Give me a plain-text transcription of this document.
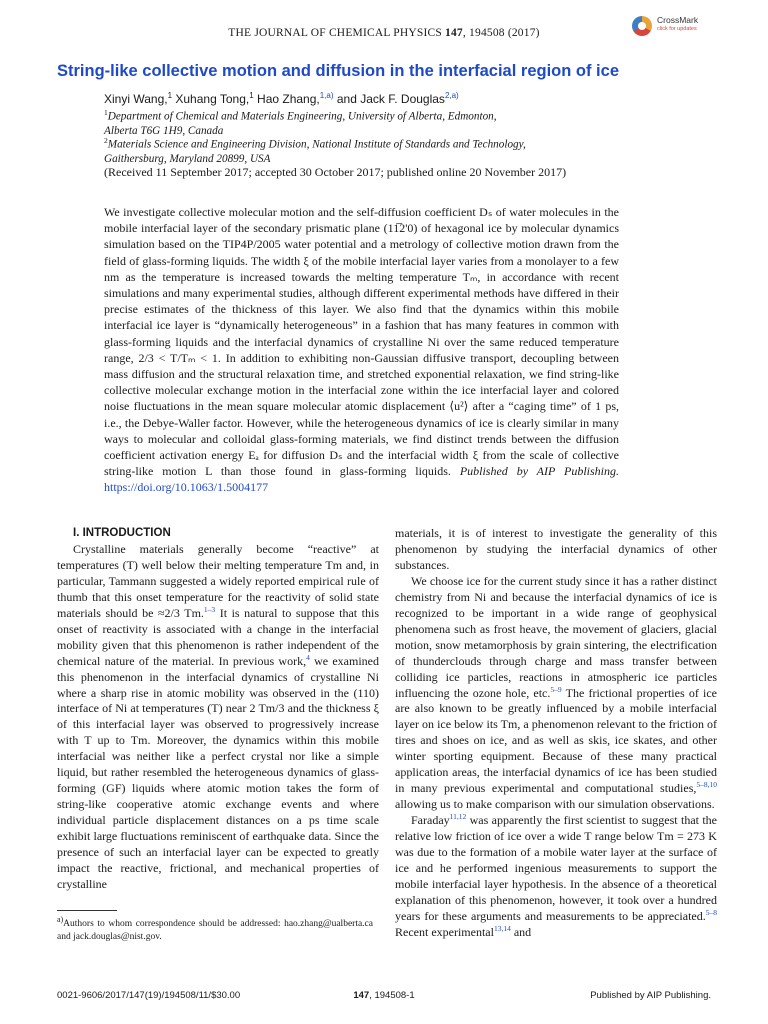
THE JOURNAL OF CHEMICAL PHYSICS 147, 194508 (2017)
CrossMark
click for updates
String-like collective motion and diffusion in the interfacial region of ice
Xinyi Wang,$^1$ Xuhang Tong,$^1$ Hao Zhang,$^{1,a)}$ and Jack F. Douglas$^{2,a)}$
$^1$Department of Chemical and Materials Engineering, University of Alberta, Edmonton,
Alberta T6G 1H9, Canada
$^2$Materials Science and Engineering Division, National Institute of Standards and Technology,
Gaithersburg, Maryland 20899, USA
(Received 11 September 2017; accepted 30 October 2017; published online 20 November 2017)
We investigate collective molecular motion and the self-diffusion coefficient Dₛ of water molecules in the mobile interfacial layer of the secondary prismatic plane (11̅2'0) of hexagonal ice by molecular dynamics simulation based on the TIP4P/2005 water potential and a metrology of collective motion drawn from the field of glass-forming liquids. The width ξ of the mobile interfacial layer varies from a monolayer to a few nm as the temperature is increased towards the melting temperature Tₘ, in accordance with recent simulations and many experimental studies, although different experimental methods have differed in their precise estimates of the thickness of this layer. We also find that the dynamics within this mobile interfacial ice layer is “dynamically heterogeneous” in a fashion that has many features in common with glass-forming liquids and the interfacial dynamics of crystalline Ni over the same reduced temperature range, 2/3 < T/Tₘ < 1. In addition to exhibiting non-Gaussian diffusive transport, decoupling between mass diffusion and the structural relaxation time, and stretched exponential relaxation, we find string-like collective molecular exchange motion in the interfacial zone within the ice interfacial layer and colored noise fluctuations in the mean square molecular atomic displacement ⟨u²⟩ after a “caging time” of 1 ps, i.e., the Debye-Waller factor. However, while the heterogeneous dynamics of ice is clearly similar in many ways to molecular and colloidal glass-forming materials, we find distinct trends between the diffusion coefficient activation energy Eₐ for diffusion Dₛ and the interfacial width ξ from the scale of collective string-like motion L than those found in glass-forming liquids. Published by AIP Publishing. https://doi.org/10.1063/1.5004177

I. INTRODUCTION

Crystalline materials generally become “reactive” at temperatures (T) well below their melting temperature Tm and, in particular, Tammann suggested a widely reported empirical rule of thumb that this onset temperature for the reactivity of solid state materials should be ≈2/3 Tm.$^{1-3}$ It is natural to suppose that this onset of reactivity is associated with a change in the interfacial mobility given that this phenomenon is rather independent of the chemical nature of the material. In previous work,$^4$ we examined this phenomenon in the interfacial dynamics of crystalline Ni where a sharp rise in atomic mobility was observed in the (110) interface of Ni at temperatures (T) near 2 Tm/3 and the thickness ξ of this interfacial layer was observed to progressively increase with T up to Tm. Moreover, the dynamics within this mobile interfacial was neither like a perfect crystal nor like a simple liquid, but rather resembled the heterogeneous dynamics of glass-forming (GF) liquids where atomic motion takes the form of string-like cooperative atomic exchange events and where individual particle displacement distances on a ps time scale exhibit large fluctuations reminiscent of earthquake data. Since the presence of such an interfacial layer can be expected to greatly impact the reactive, frictional, and mechanical properties of crystalline

materials, it is of interest to investigate the generality of this phenomenon by studying the interfacial dynamics of other substances.

We choose ice for the current study since it has a rather distinct chemistry from Ni and because the interfacial dynamics of ice is recognized to be important in a wide range of geophysical phenomena such as frost heave, the movement of glaciers, glacial motion, snow metamorphosis by grain sintering, the electrification of thunderclouds through charge and mass transfer between colliding ice particles, reactions in atmospheric ice particles influencing the ozone hole, etc.$^{5-9}$ The frictional properties of ice are also known to be greatly influenced by a mobile interfacial layer on ice below its Tm, a phenomenon relevant to the friction of tires and shoes on ice, and as well as skis, ice skates, and other winter sporting equipment. Because of these many practical application areas, the interfacial dynamics of ice has been studied in many previous experimental and computational studies,$^{5-8,10}$ allowing us to make comparison with our simulation observations.

Faraday$^{11,12}$ was apparently the first scientist to suggest that the relative low friction of ice over a wide T range below Tm = 273 K was due to the formation of a mobile water layer at the surface of ice and he performed ingenious measurements to support the mobile interfacial layer hypothesis. In the absence of a theoretical explanation of this phenomenon, however, it took over a hundred years for these arguments and measurements to be appreciated.$^{5-8}$ Recent experimental$^{13,14}$ and

$^{a)}$Authors to whom correspondence should be addressed: hao.zhang@ualberta.ca and jack.douglas@nist.gov.
0021-9606/2017/147(19)/194508/11/$30.00	147, 194508-1	Published by AIP Publishing.
